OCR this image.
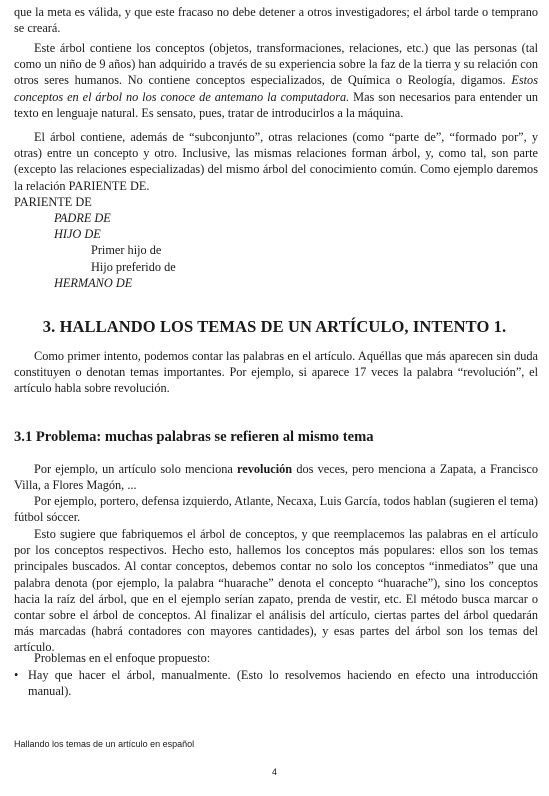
que la meta es válida, y que este fracaso no debe detener a otros investigadores; el árbol tarde o temprano se creará.

Este árbol contiene los conceptos (objetos, transformaciones, relaciones, etc.) que las personas (tal como un niño de 9 años) han adquirido a través de su experiencia sobre la faz de la tierra y su relación con otros seres humanos. No contiene conceptos especializados, de Química o Reología, digamos. Estos conceptos en el árbol no los conoce de antemano la computadora. Mas son necesarios para entender un texto en lenguaje natural. Es sensato, pues, tratar de introducirlos a la máquina.

El árbol contiene, además de “subconjunto”, otras relaciones (como “parte de”, “formado por”, y otras) entre un concepto y otro. Inclusive, las mismas relaciones forman árbol, y, como tal, son parte (excepto las relaciones especializadas) del mismo árbol del conocimiento común. Como ejemplo daremos la relación PARIENTE DE.

PARIENTE DE
PADRE DE
HIJO DE
Primer hijo de
Hijo preferido de
HERMANO DE
3. HALLANDO LOS TEMAS DE UN ARTÍCULO, INTENTO 1.

Como primer intento, podemos contar las palabras en el artículo. Aquéllas que más aparecen sin duda constituyen o denotan temas importantes. Por ejemplo, si aparece 17 veces la palabra “revolución”, el artículo habla sobre revolución.

3.1 Problema: muchas palabras se refieren al mismo tema

Por ejemplo, un artículo solo menciona revolución dos veces, pero menciona a Zapata, a Francisco Villa, a Flores Magón, ...

Por ejemplo, portero, defensa izquierdo, Atlante, Necaxa, Luis García, todos hablan (sugieren el tema) fútbol sóccer.

Esto sugiere que fabriquemos el árbol de conceptos, y que reemplacemos las palabras en el artículo por los conceptos respectivos. Hecho esto, hallemos los conceptos más populares: ellos son los temas principales buscados. Al contar conceptos, debemos contar no solo los conceptos “inmediatos” que una palabra denota (por ejemplo, la palabra “huarache” denota el concepto “huarache”), sino los conceptos hacia la raíz del árbol, que en el ejemplo serían zapato, prenda de vestir, etc. El método busca marcar o contar sobre el árbol de conceptos. Al finalizar el análisis del artículo, ciertas partes del árbol quedarán más marcadas (habrá contadores con mayores cantidades), y esas partes del árbol son los temas del artículo.

Problemas en el enfoque propuesto:

• Hay que hacer el árbol, manualmente. (Esto lo resolvemos haciendo en efecto una introducción manual).
Hallando los temas de un artículo en español
4
